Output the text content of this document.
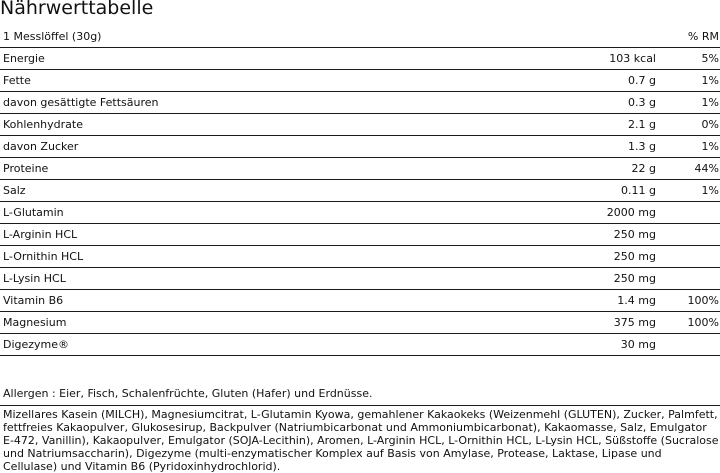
Nährwerttabelle
1 Messlöffel (30g)	% RM
Energie	103 kcal	5%
Fette	0.7 g	1%
davon gesättigte Fettsäuren	0.3 g	1%
Kohlenhydrate	2.1 g	0%
davon Zucker	1.3 g	1%
Proteine	22 g	44%
Salz	0.11 g	1%
L-Glutamin	2000 mg
L-Arginin HCL	250 mg
L-Ornithin HCL	250 mg
L-Lysin HCL	250 mg
Vitamin B6	1.4 mg	100%
Magnesium	375 mg	100%
Digezyme®	30 mg
Allergen : Eier, Fisch, Schalenfrüchte, Gluten (Hafer) und Erdnüsse.
Mizellares Kasein (MILCH), Magnesiumcitrat, L-Glutamin Kyowa, gemahlener Kakaokeks (Weizenmehl (GLUTEN), Zucker, Palmfett, fettfreies Kakaopulver, Glukosesirup, Backpulver (Natriumbicarbonat und Ammoniumbicarbonat), Kakaomasse, Salz, Emulgator E-472, Vanillin), Kakaopulver, Emulgator (SOJA-Lecithin), Aromen, L-Arginin HCL, L-Ornithin HCL, L-Lysin HCL, Süßstoffe (Sucralose und Natriumsaccharin), Digezyme (multi-enzymatischer Komplex auf Basis von Amylase, Protease, Laktase, Lipase und Cellulase) und Vitamin B6 (Pyridoxinhydrochlorid).
